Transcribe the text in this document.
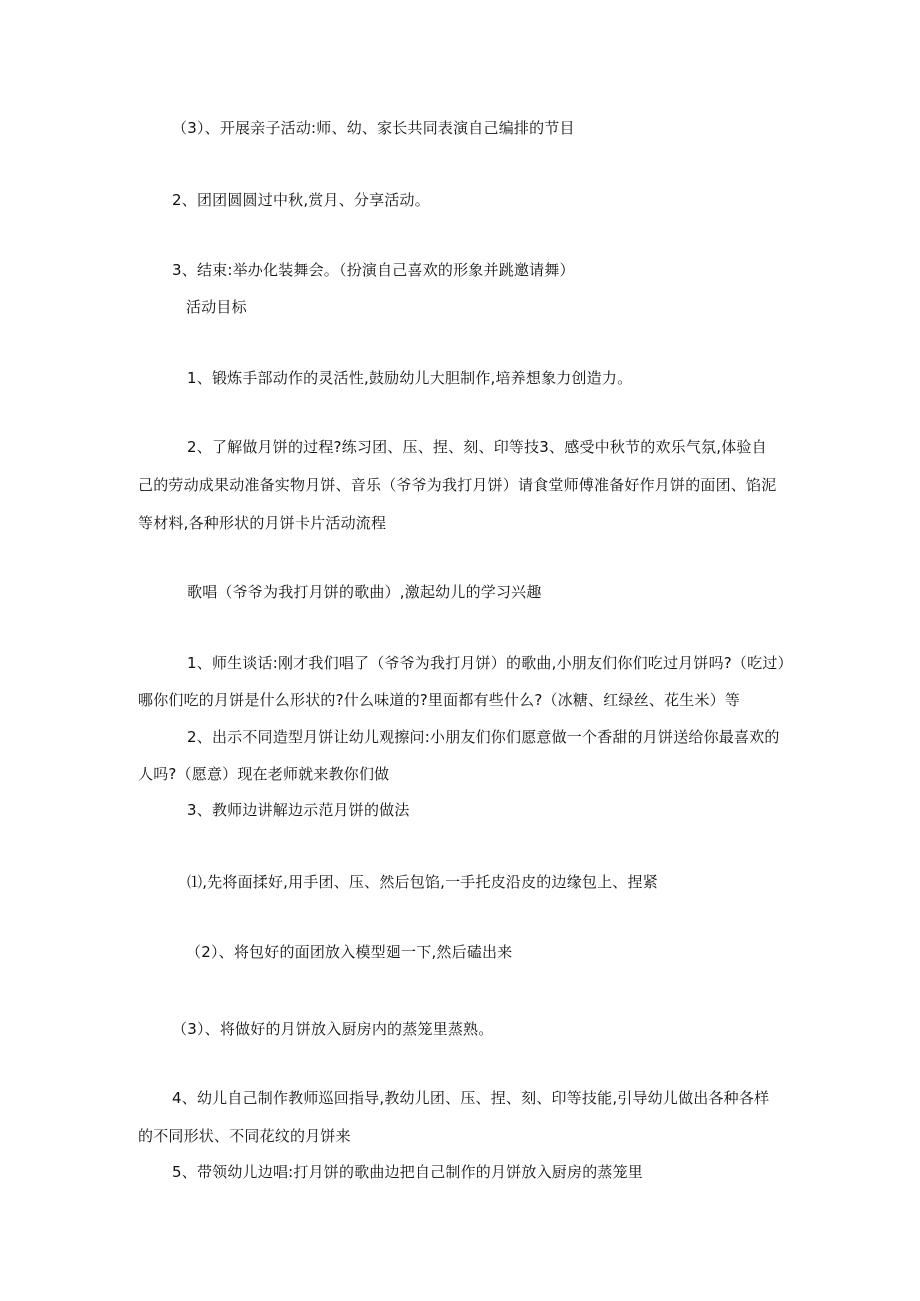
（3）、开展亲子活动:师、幼、家长共同表演自己编排的节目
2、团团圆圆过中秋,赏月、分享活动。
3、结束:举办化装舞会。（扮演自己喜欢的形象并跳邀请舞）
活动目标
1、锻炼手部动作的灵活性,鼓励幼儿大胆制作,培养想象力创造力。
2、了解做月饼的过程?练习团、压、捏、刻、印等技3、感受中秋节的欢乐气氛,体验自
己的劳动成果动准备实物月饼、音乐（爷爷为我打月饼）请食堂师傅准备好作月饼的面团、馅泥
等材料,各种形状的月饼卡片活动流程
歌唱（爷爷为我打月饼的歌曲）,激起幼儿的学习兴趣
1、师生谈话:刚才我们唱了（爷爷为我打月饼）的歌曲,小朋友们你们吃过月饼吗?（吃过）
哪你们吃的月饼是什么形状的?什么味道的?里面都有些什么?（冰糖、红绿丝、花生米）等
2、出示不同造型月饼让幼儿观擦问:小朋友们你们愿意做一个香甜的月饼送给你最喜欢的
人吗?（愿意）现在老师就来教你们做
3、教师边讲解边示范月饼的做法
⑴,先将面揉好,用手团、压、然后包馅,一手托皮沿皮的边缘包上、捏紧
（2）、将包好的面团放入模型廻一下,然后磕出来
（3）、将做好的月饼放入厨房内的蒸笼里蒸熟。
4、幼儿自己制作教师巡回指导,教幼儿团、压、捏、刻、印等技能,引导幼儿做出各种各样
的不同形状、不同花纹的月饼来
5、带领幼儿边唱:打月饼的歌曲边把自己制作的月饼放入厨房的蒸笼里
